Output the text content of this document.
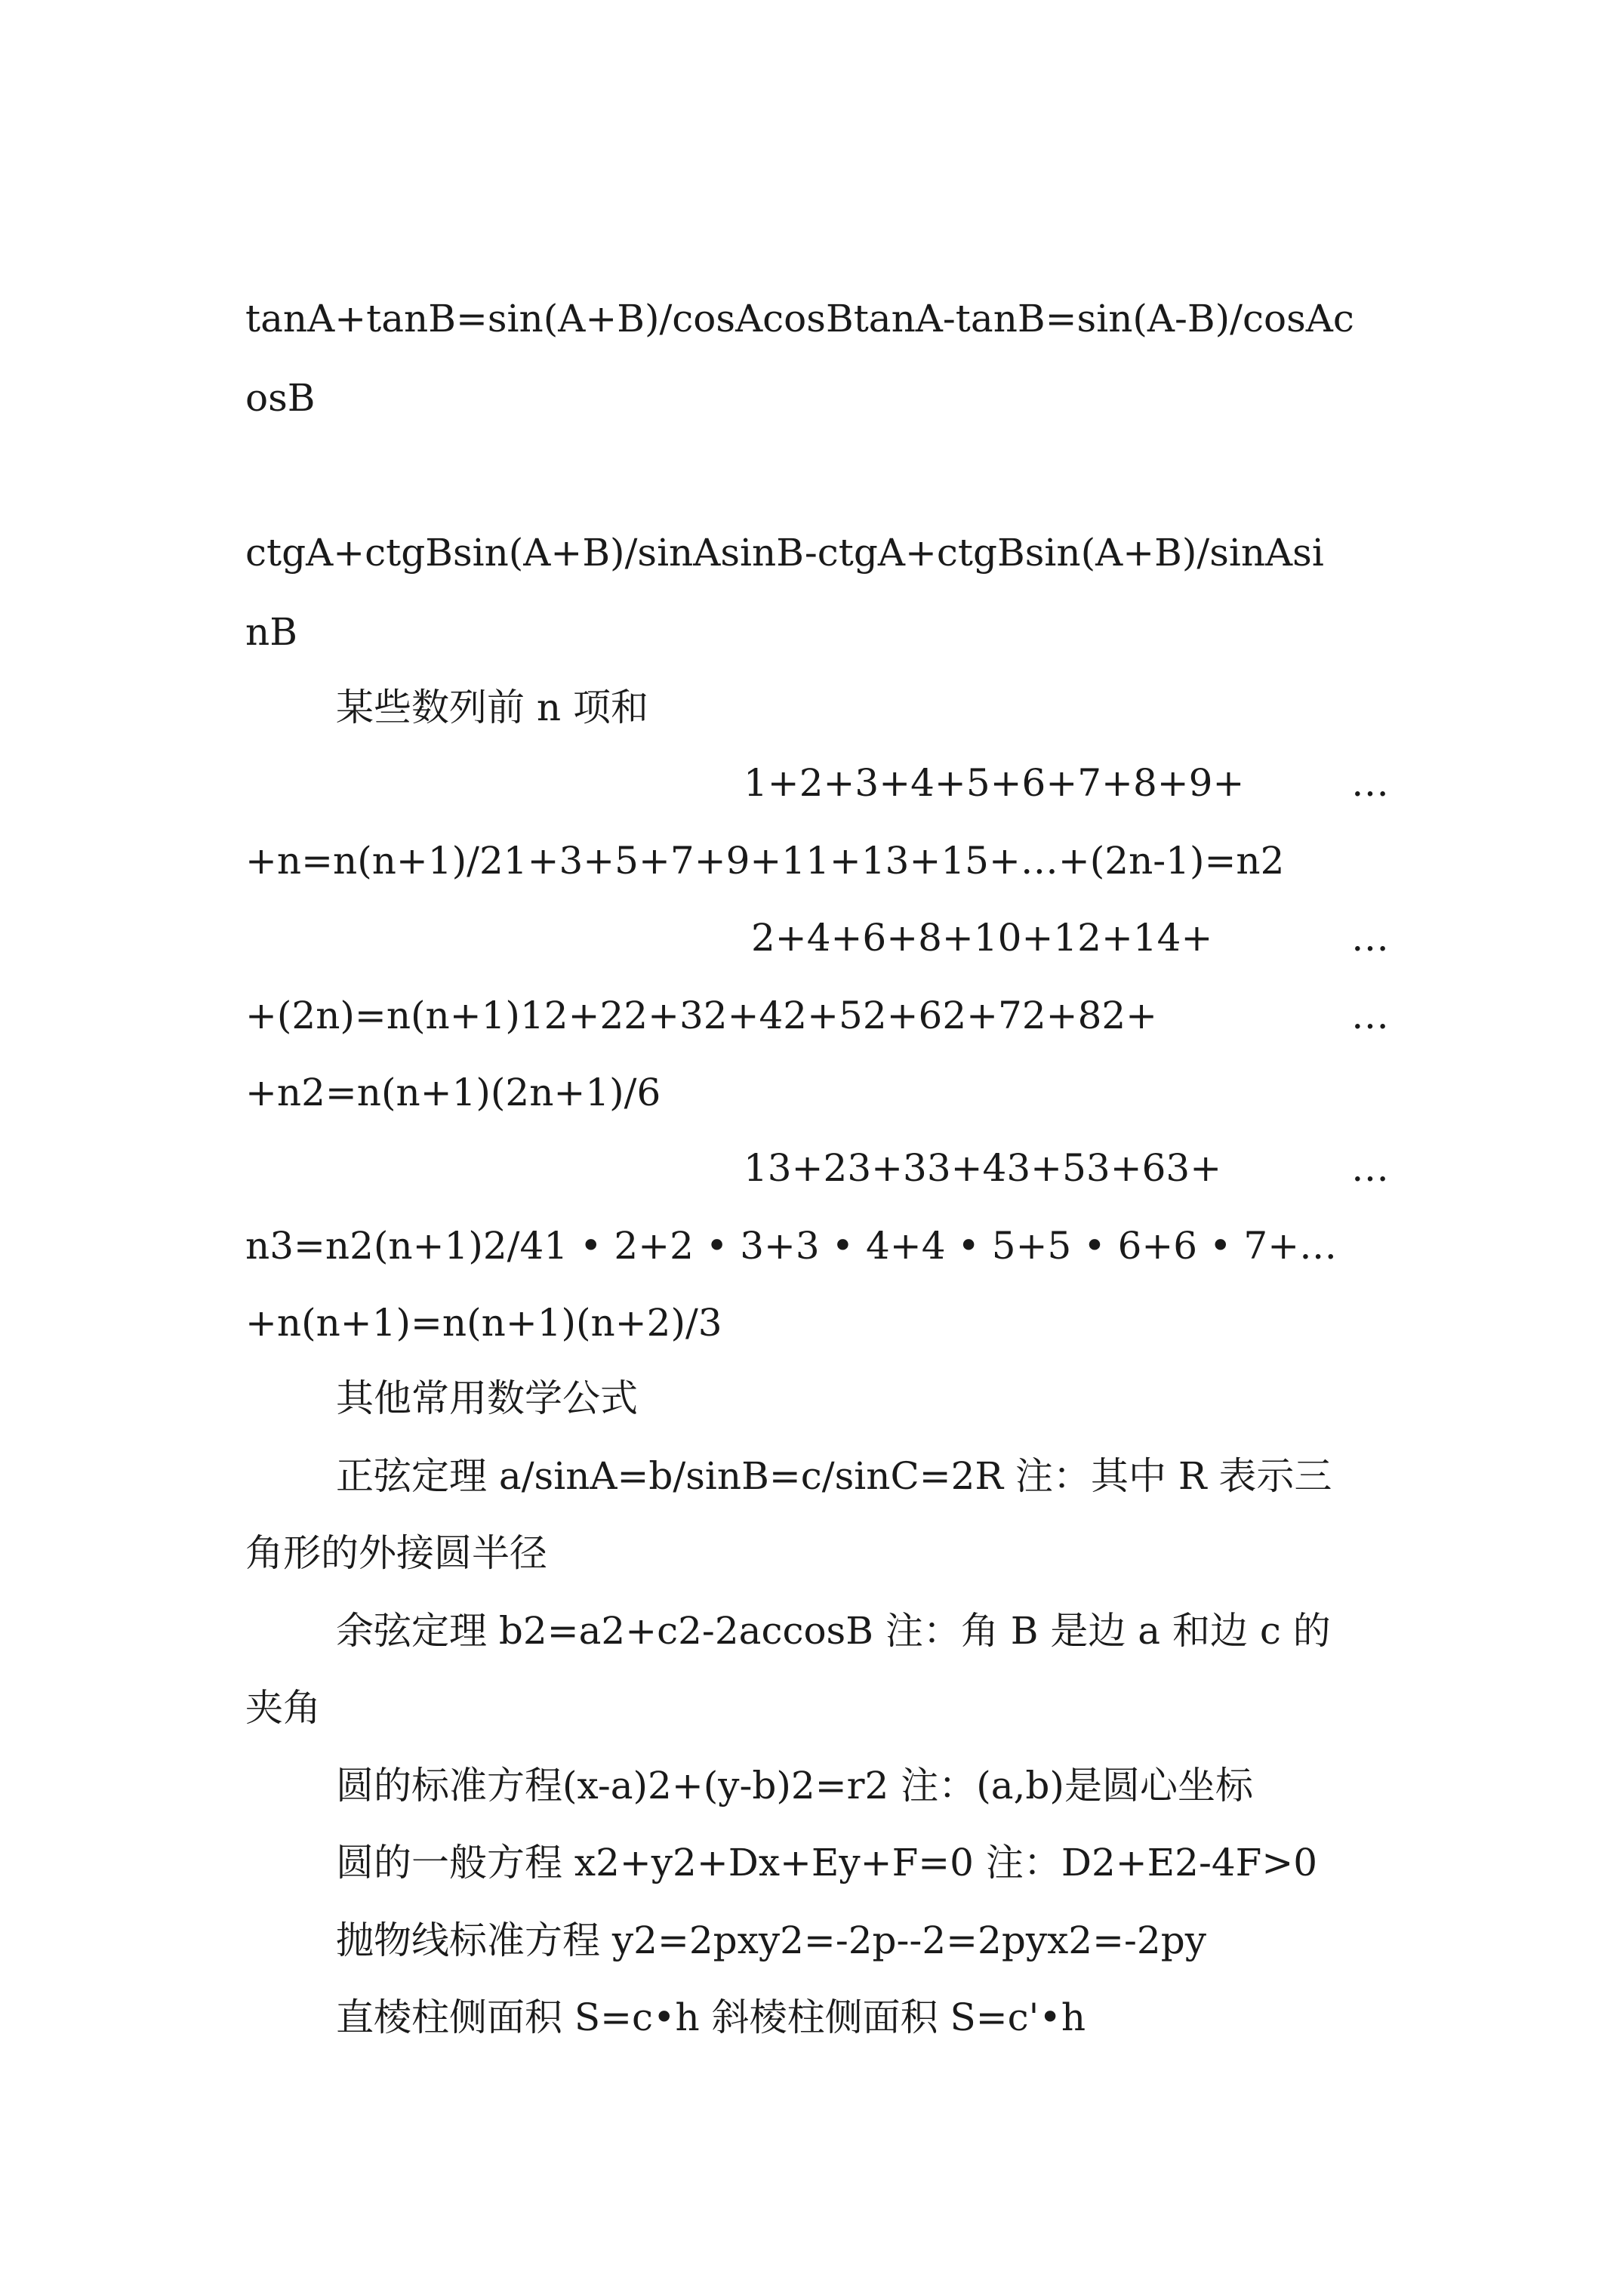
tanA+tanB=sin(A+B)/cosAcosBtanA-tanB=sin(A-B)/cosAc
osB
ctgA+ctgBsin(A+B)/sinAsinB-ctgA+ctgBsin(A+B)/sinAsi
nB
某些数列前 n 项和
1+2+3+4+5+6+7+8+9+	…
+n=n(n+1)/21+3+5+7+9+11+13+15+…+(2n-1)=n2
2+4+6+8+10+12+14+	…
+(2n)=n(n+1)12+22+32+42+52+62+72+82+	…
+n2=n(n+1)(2n+1)/6
13+23+33+43+53+63+	…
n3=n2(n+1)2/41 • 2+2 • 3+3 • 4+4 • 5+5 • 6+6 • 7+…
+n(n+1)=n(n+1)(n+2)/3
其他常用数学公式
正弦定理 a/sinA=b/sinB=c/sinC=2R 注：其中 R 表示三
角形的外接圆半径
余弦定理 b2=a2+c2-2accosB 注：角 B 是边 a 和边 c 的
夹角
圆的标准方程(x-a)2+(y-b)2=r2 注：(a,b)是圆心坐标
圆的一般方程 x2+y2+Dx+Ey+F=0 注：D2+E2-4F>0
抛物线标准方程 y2=2pxy2=-2p--2=2pyx2=-2py
直棱柱侧面积 S=c•h 斜棱柱侧面积 S=c'•h
